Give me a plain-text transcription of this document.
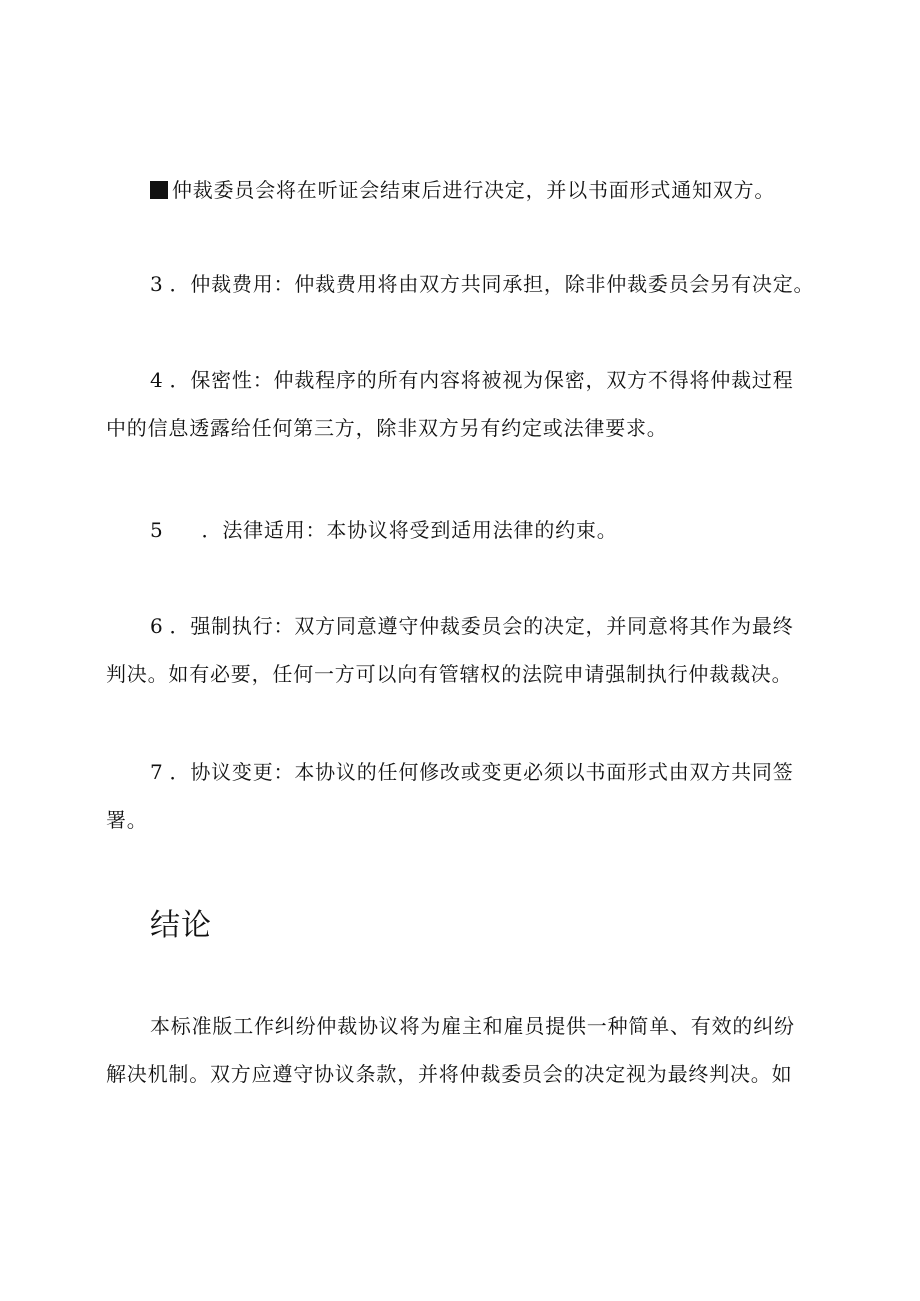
仲裁委员会将在听证会结束后进行决定，并以书面形式通知双方。
3 ．仲裁费用：仲裁费用将由双方共同承担，除非仲裁委员会另有决定。
4 ．保密性：仲裁程序的所有内容将被视为保密，双方不得将仲裁过程
中的信息透露给任何第三方，除非双方另有约定或法律要求。
5 ．法律适用：本协议将受到适用法律的约束。
6 ．强制执行：双方同意遵守仲裁委员会的决定，并同意将其作为最终
判决。如有必要，任何一方可以向有管辖权的法院申请强制执行仲裁裁决。
7 ．协议变更：本协议的任何修改或变更必须以书面形式由双方共同签
署。
结论
本标准版工作纠纷仲裁协议将为雇主和雇员提供一种简单、有效的纠纷
解决机制。双方应遵守协议条款，并将仲裁委员会的决定视为最终判决。如
